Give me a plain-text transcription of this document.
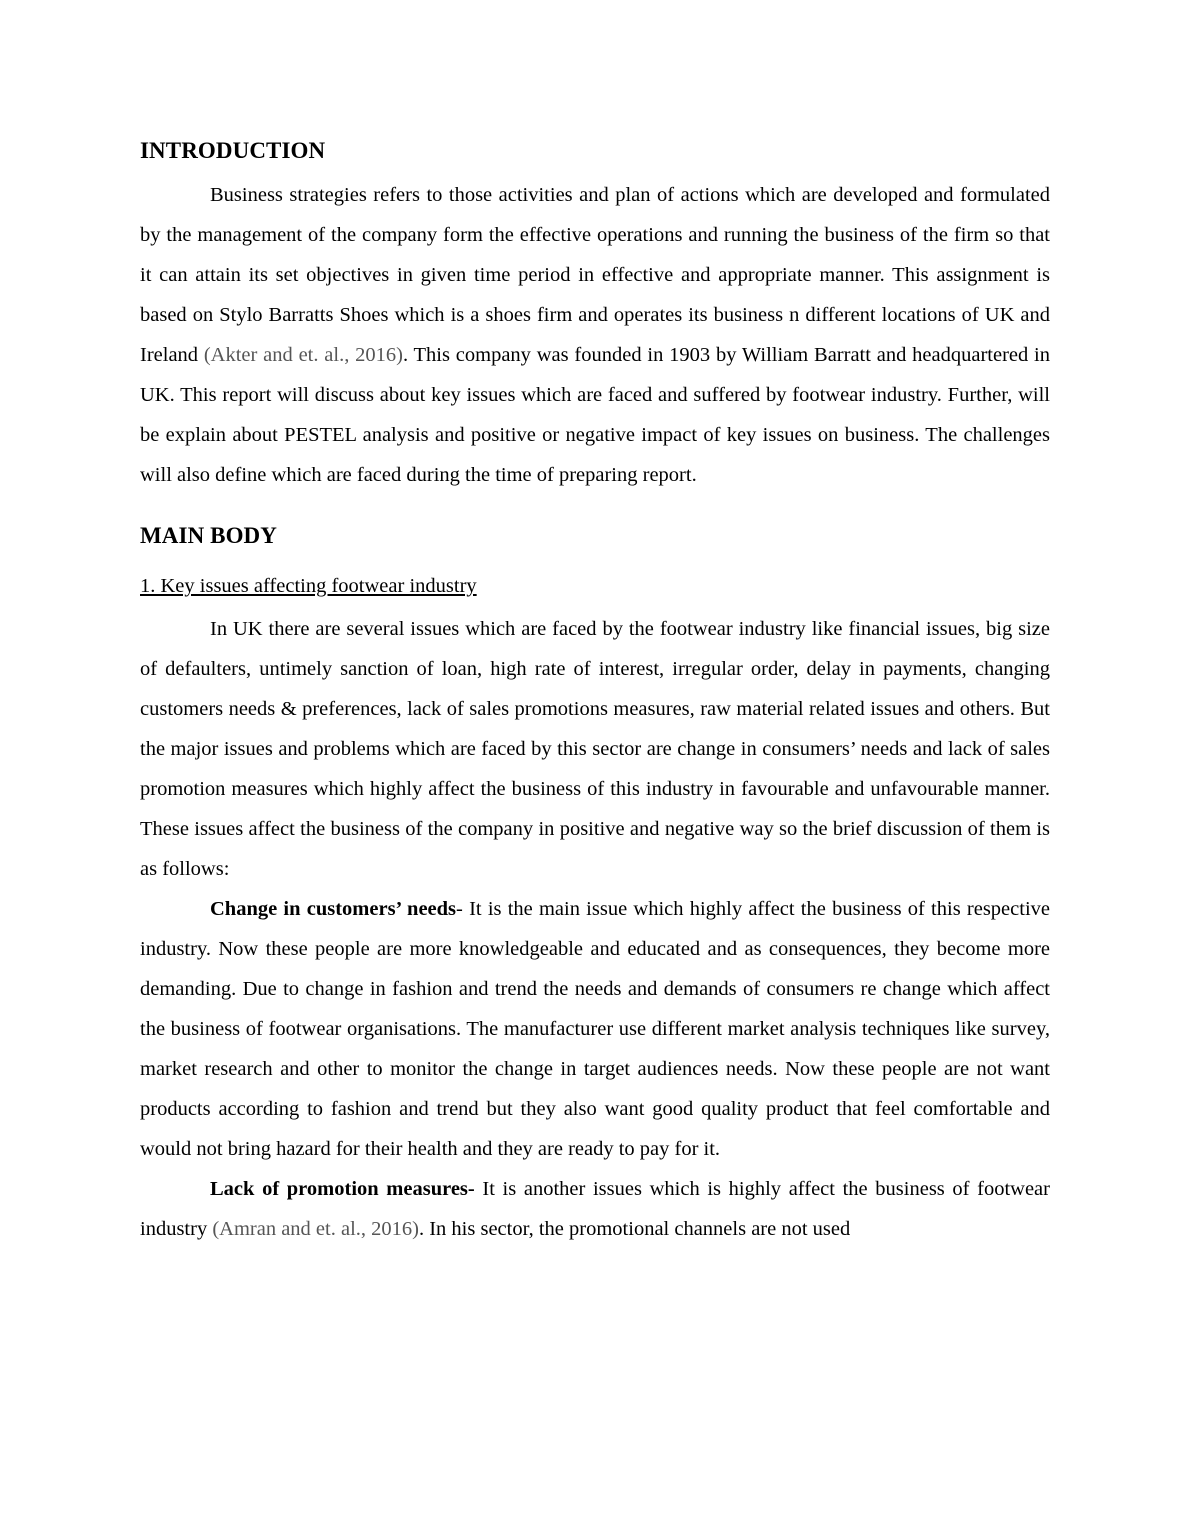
INTRODUCTION

Business strategies refers to those activities and plan of actions which are developed and formulated by the management of the company form the effective operations and running the business of the firm so that it can attain its set objectives in given time period in effective and appropriate manner. This assignment is based on Stylo Barratts Shoes which is a shoes firm and operates its business n different locations of UK and Ireland (Akter and et. al., 2016). This company was founded in 1903 by William Barratt and headquartered in UK. This report will discuss about key issues which are faced and suffered by footwear industry. Further, will be explain about PESTEL analysis and positive or negative impact of key issues on business. The challenges will also define which are faced during the time of preparing report.

MAIN BODY
1. Key issues affecting footwear industry

In UK there are several issues which are faced by the footwear industry like financial issues, big size of defaulters, untimely sanction of loan, high rate of interest, irregular order, delay in payments, changing customers needs & preferences, lack of sales promotions measures, raw material related issues and others. But the major issues and problems which are faced by this sector are change in consumers’ needs and lack of sales promotion measures which highly affect the business of this industry in favourable and unfavourable manner. These issues affect the business of the company in positive and negative way so the brief discussion of them is as follows:

Change in customers’ needs- It is the main issue which highly affect the business of this respective industry. Now these people are more knowledgeable and educated and as consequences, they become more demanding. Due to change in fashion and trend the needs and demands of consumers re change which affect the business of footwear organisations. The manufacturer use different market analysis techniques like survey, market research and other to monitor the change in target audiences needs. Now these people are not want products according to fashion and trend but they also want good quality product that feel comfortable and would not bring hazard for their health and they are ready to pay for it.

Lack of promotion measures- It is another issues which is highly affect the business of footwear industry (Amran and et. al., 2016). In his sector, the promotional channels are not used
